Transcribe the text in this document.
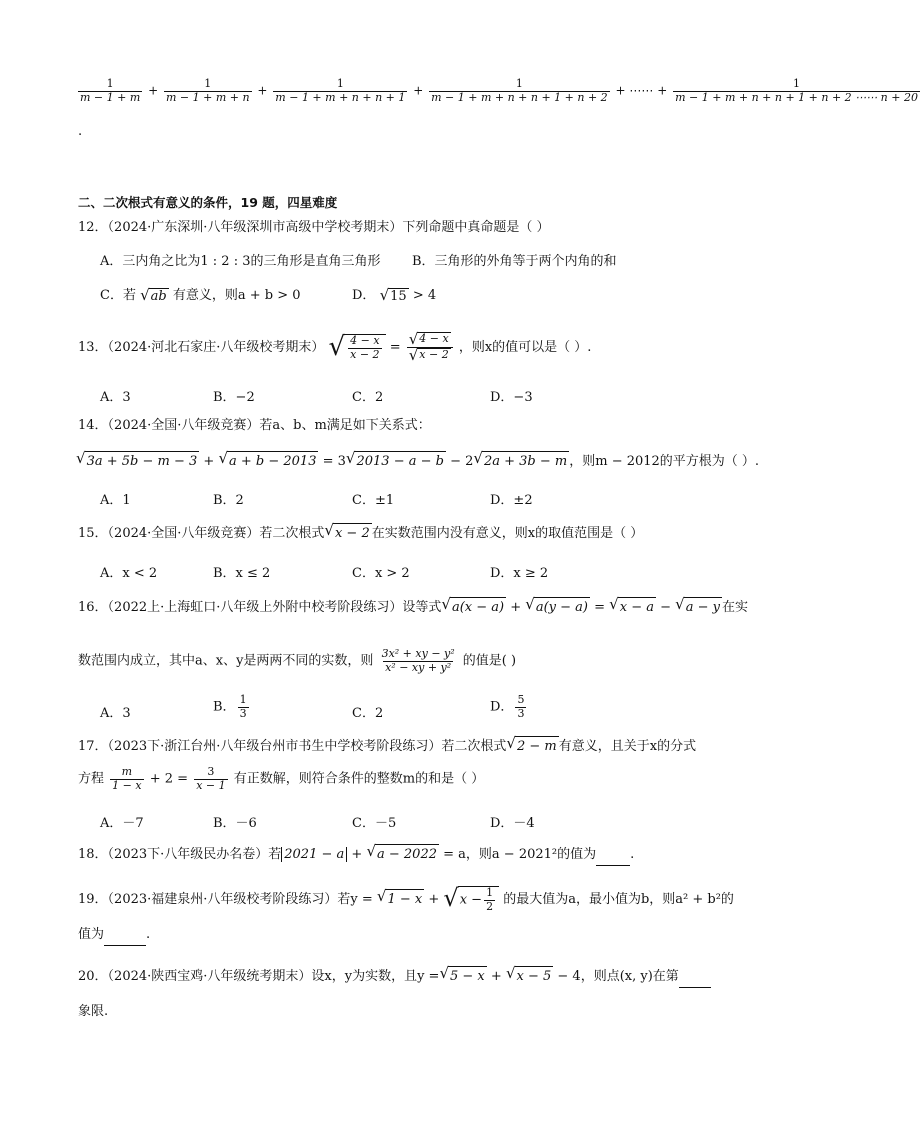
$\frac{1}{m - 1 + m} + \frac{1}{m - 1 + m + n} + \frac{1}{m - 1 + m + n + n + 1} + \frac{1}{m - 1 + m + n + n + 1 + n + 2}$ + ⋯⋯ + $\frac{1}{m - 1 + m + n + n + 1 + n + 2 \cdots\cdots n + 20}$
.
二、二次根式有意义的条件，19 题，四星难度
12．（2024·广东深圳·八年级深圳市高级中学校考期末）下列命题中真命题是（ ）
A．三内角之比为1 : 2 : 3的三角形是直角三角形 B．三角形的外角等于两个内角的和
C．若 √ ab 有意义，则a + b > 0	D． √ 15 > 4
13．（2024·河北石家庄·八年级校考期末） √ $\frac{4 - x}{x - 2} = \frac{√ 4 - x}{√ x - 2}$ ，则x的值可以是（ ）.
A．3	B．−2	C．2	D．−3
14．（2024·全国·八年级竞赛）若a、b、m满足如下关系式：
√ 3a + 5b − m − 3 + √ a + b − 2013 = 3 √ 2013 − a − b − 2 √ 2a + 3b − m ，则m − 2012的平方根为（ ）.
A．1	B．2	C．±1	D．±2
15．（2024·全国·八年级竞赛）若二次根式 √ x − 2 在实数范围内没有意义，则x的取值范围是（ ）
A．x < 2	B．x ≤ 2	C．x > 2	D．x ≥ 2
16．（2022上·上海虹口·八年级上外附中校考阶段练习）设等式 √ a(x − a) + √ a(y − a) = √ x − a − √ a − y 在实
数范围内成立，其中a、x、y是两两不同的实数，则 $\frac{\text{3x² + xy − y²}}{\text{x² − xy + y²}}$ 的值是( )
A．3	B． $\frac{1}{3}$	C．2	D． $\frac{5}{3}$
17．（2023下·浙江台州·八年级台州市书生中学校考阶段练习）若二次根式 √ 2 − m 有意义，且关于x的分式
方程 $\frac{m}{1 - x} + 2 = \frac{3}{x - 1}$ 有正数解，则符合条件的整数m的和是（ ）
A．－7	B．－6	C．－5	D．－4
18．（2023下·八年级民办名卷）若 2021 − a + √ a − 2022 = a，则a − 2021²的值为	.
19．（2023·福建泉州·八年级校考阶段练习）若y = √ 1 − x + √ $x - \frac{1}{2}$ 的最大值为a，最小值为b，则a² + b²的
值为	.
20．（2024·陕西宝鸡·八年级统考期末）设x，y为实数，且y = √ 5 − x + √ x − 5 − 4，则点(x, y)在第
象限.
